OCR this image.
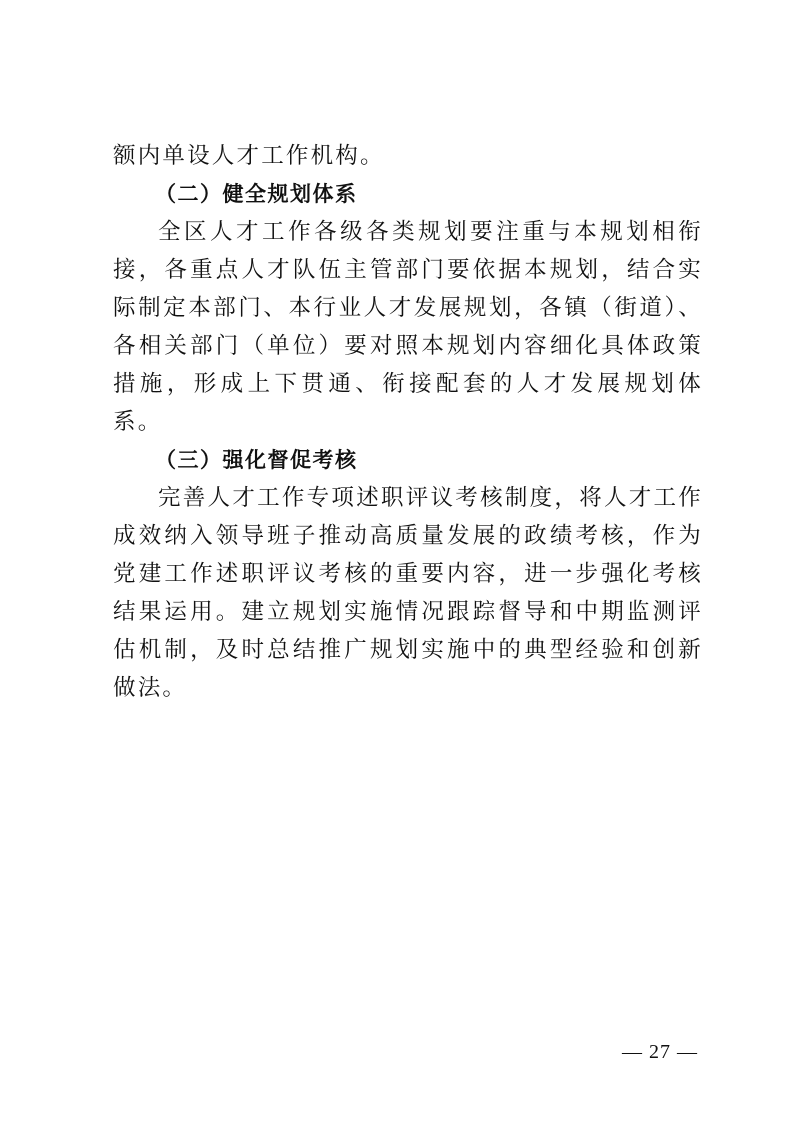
额内单设人才工作机构。

（二）健全规划体系

全区人才工作各级各类规划要注重与本规划相衔接，各重点人才队伍主管部门要依据本规划，结合实际制定本部门、本行业人才发展规划，各镇（街道）、各相关部门（单位）要对照本规划内容细化具体政策措施，形成上下贯通、衔接配套的人才发展规划体系。

（三）强化督促考核

完善人才工作专项述职评议考核制度，将人才工作成效纳入领导班子推动高质量发展的政绩考核，作为党建工作述职评议考核的重要内容，进一步强化考核结果运用。建立规划实施情况跟踪督导和中期监测评估机制，及时总结推广规划实施中的典型经验和创新做法。

— 27 —
